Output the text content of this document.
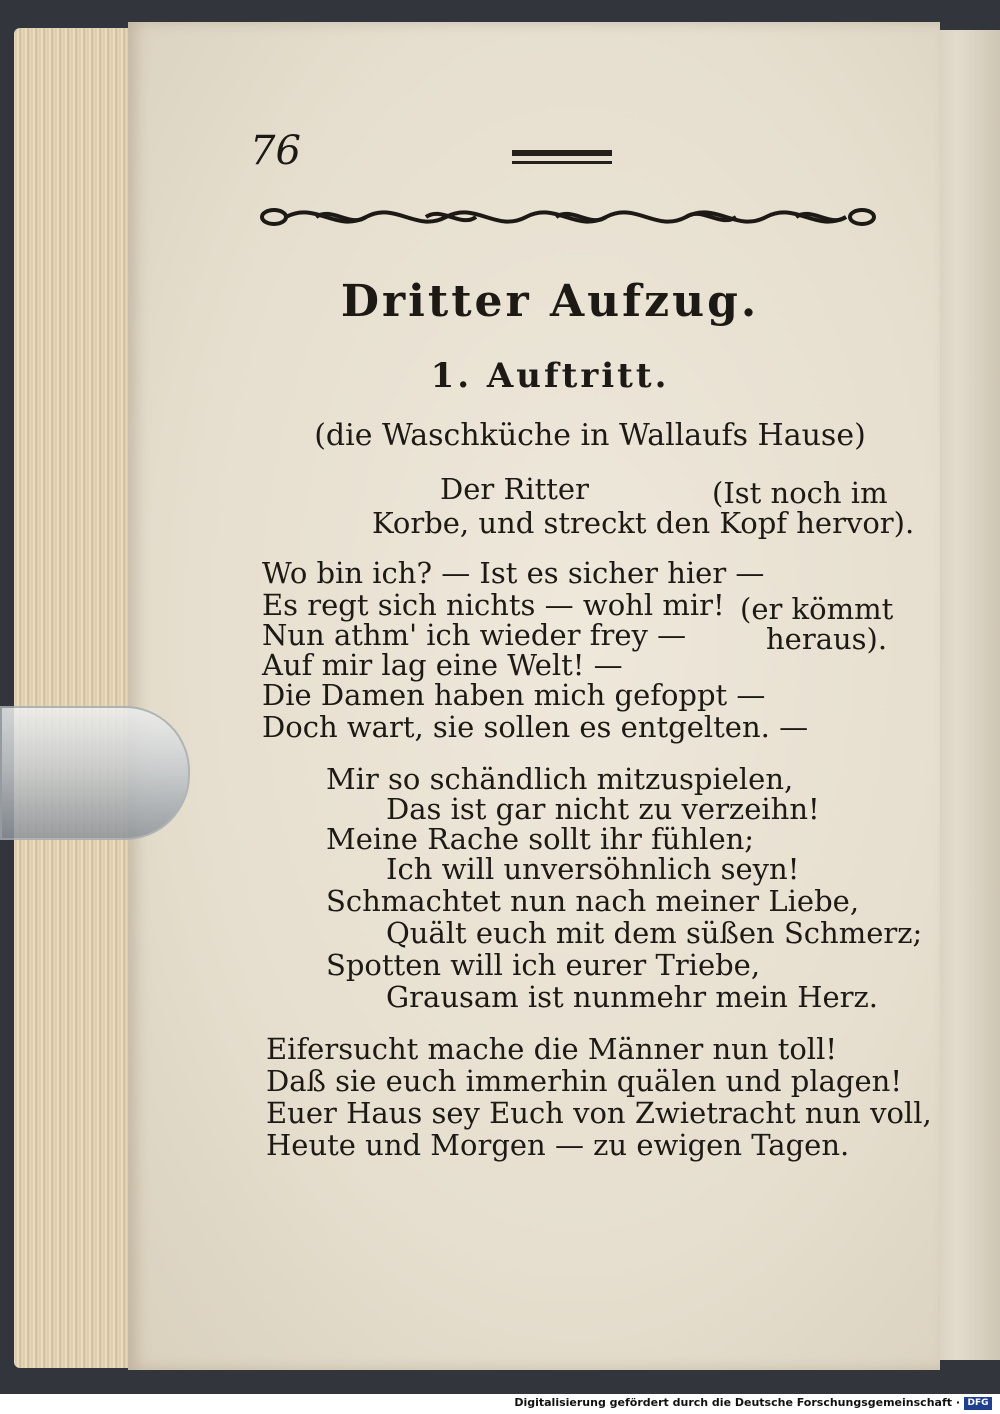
76
Dritter Aufzug.
1. Auftritt.
(die Waschküche in Wallaufs Hause)
Der Ritter	(Ist noch im
Korbe, und streckt den Kopf hervor).
Wo bin ich? — Ist es sicher hier —
Es regt sich nichts — wohl mir! (er kömmt
Nun athm' ich wieder frey —	heraus).
Auf mir lag eine Welt! —
Die Damen haben mich gefoppt —
Doch wart, sie sollen es entgelten. —
Mir so schändlich mitzuspielen,
Das ist gar nicht zu verzeihn!
Meine Rache sollt ihr fühlen;
Ich will unversöhnlich seyn!
Schmachtet nun nach meiner Liebe,
Quält euch mit dem süßen Schmerz;
Spotten will ich eurer Triebe,
Grausam ist nunmehr mein Herz.
Eifersucht mache die Männer nun toll!
Daß sie euch immerhin quälen und plagen!
Euer Haus sey Euch von Zwietracht nun voll,
Heute und Morgen — zu ewigen Tagen.
Digitalisierung gefördert durch die Deutsche Forschungsgemeinschaft · DFG
